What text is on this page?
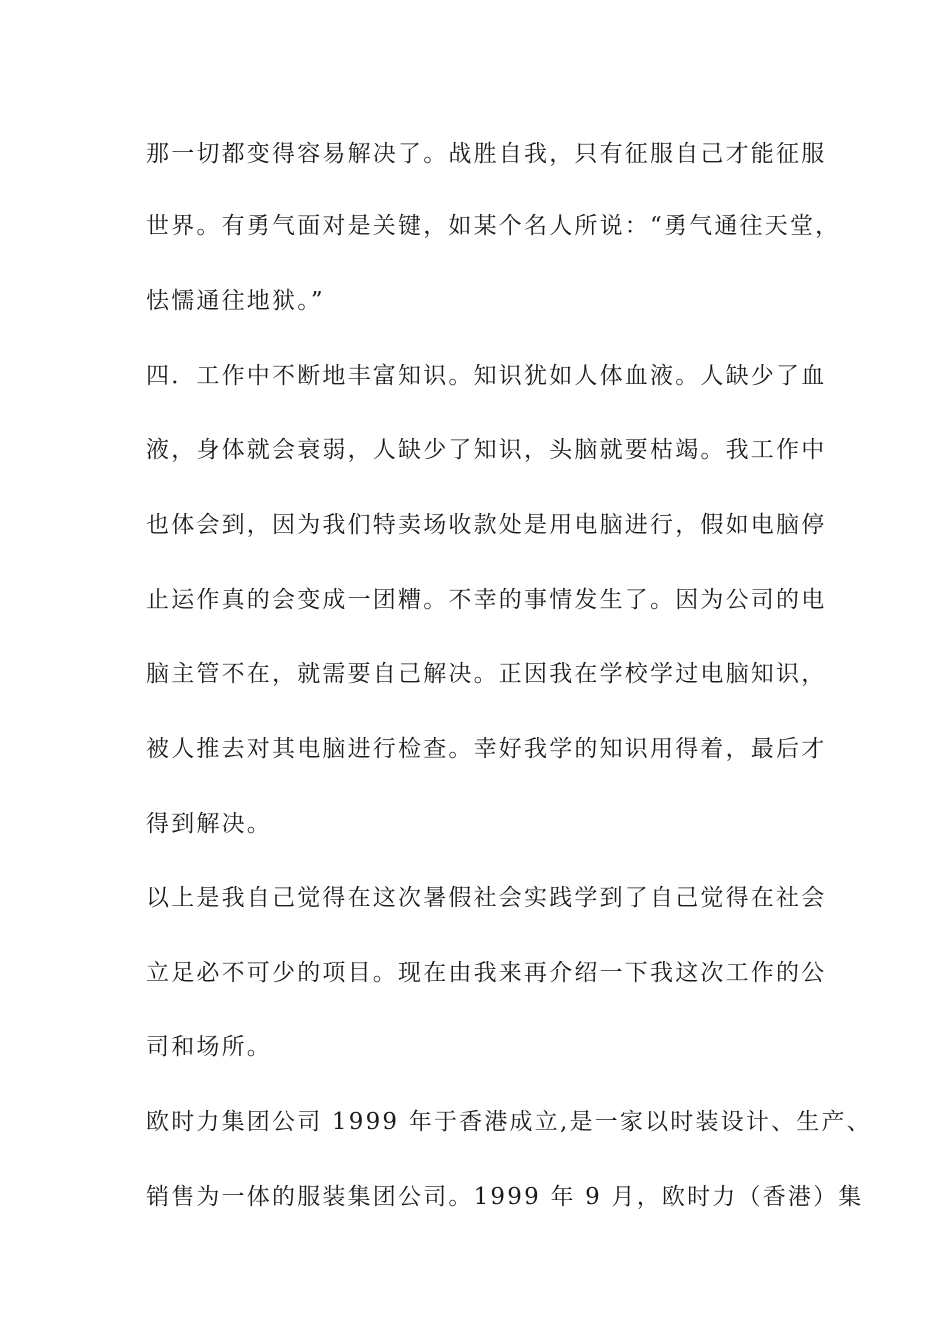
那一切都变得容易解决了。战胜自我，只有征服自己才能征服
世界。有勇气面对是关键，如某个名人所说：“勇气通往天堂，
怯懦通往地狱。”
四．工作中不断地丰富知识。知识犹如人体血液。人缺少了血
液，身体就会衰弱，人缺少了知识，头脑就要枯竭。我工作中
也体会到，因为我们特卖场收款处是用电脑进行，假如电脑停
止运作真的会变成一团糟。不幸的事情发生了。因为公司的电
脑主管不在，就需要自己解决。正因我在学校学过电脑知识，
被人推去对其电脑进行检查。幸好我学的知识用得着，最后才
得到解决。
以上是我自己觉得在这次暑假社会实践学到了自己觉得在社会
立足必不可少的项目。现在由我来再介绍一下我这次工作的公
司和场所。
欧时力集团公司 1999 年于香港成立,是一家以时装设计、生产、
销售为一体的服装集团公司。1999 年 9 月，欧时力（香港）集
